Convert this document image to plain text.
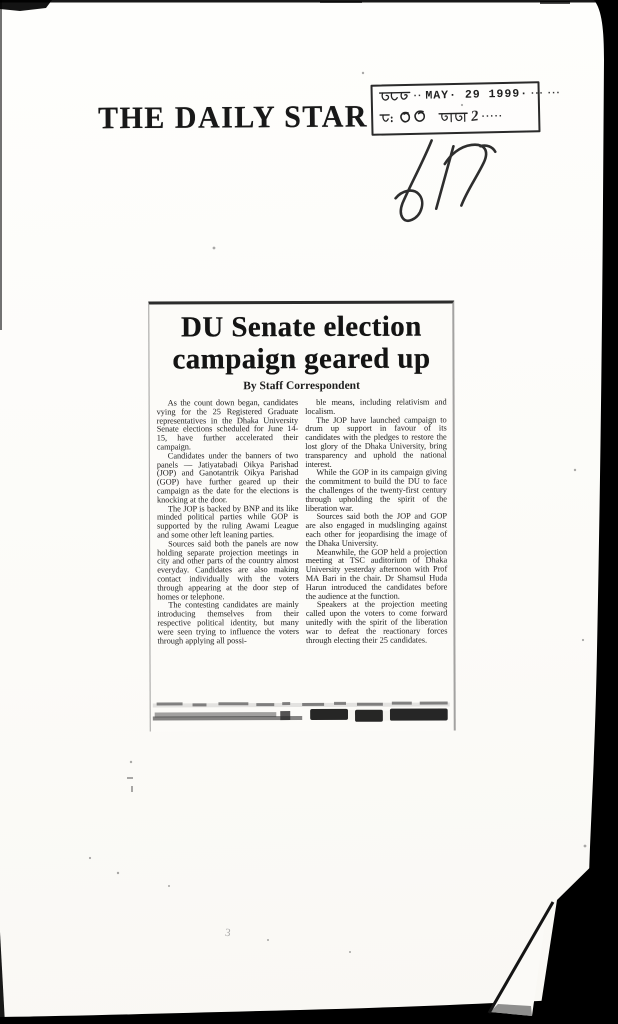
THE DAILY STAR
·· MAY· 29 1999· ··· ···
2 ·····
DU Senate election
campaign geared up
By Staff Correspondent

As the count down began, candidates vying for the 25 Registered Graduate representatives in the Dhaka University Senate elections scheduled for June 14-15, have further accelerated their campaign.

Candidates under the banners of two panels — Jatiyatabadi Oikya Parishad (JOP) and Ganotantrik Oikya Parishad (GOP) have further geared up their campaign as the date for the elections is knocking at the door.

The JOP is backed by BNP and its like minded political parties while GOP is supported by the ruling Awami League and some other left leaning parties.

Sources said both the panels are now holding separate projection meetings in city and other parts of the country almost everyday. Candidates are also making contact individually with the voters through appearing at the door step of homes or telephone.

The contesting candidates are mainly introducing themselves from their respective political identity, but many were seen trying to influence the voters through applying all possi-

ble means, including relativism and localism.

The JOP have launched campaign to drum up support in favour of its candidates with the pledges to restore the lost glory of the Dhaka University, bring transparency and uphold the national interest.

While the GOP in its campaign giving the commitment to build the DU to face the challenges of the twenty-first century through upholding the spirit of the liberation war.

Sources said both the JOP and GOP are also engaged in mudslinging against each other for jeopardising the image of the Dhaka University.

Meanwhile, the GOP held a projection meeting at TSC auditorium of Dhaka University yesterday afternoon with Prof MA Bari in the chair. Dr Shamsul Huda Harun introduced the candidates before the audience at the function.

Speakers at the projection meeting called upon the voters to come forward unitedly with the spirit of the liberation war to defeat the reactionary forces through electing their 25 candidates.

3
